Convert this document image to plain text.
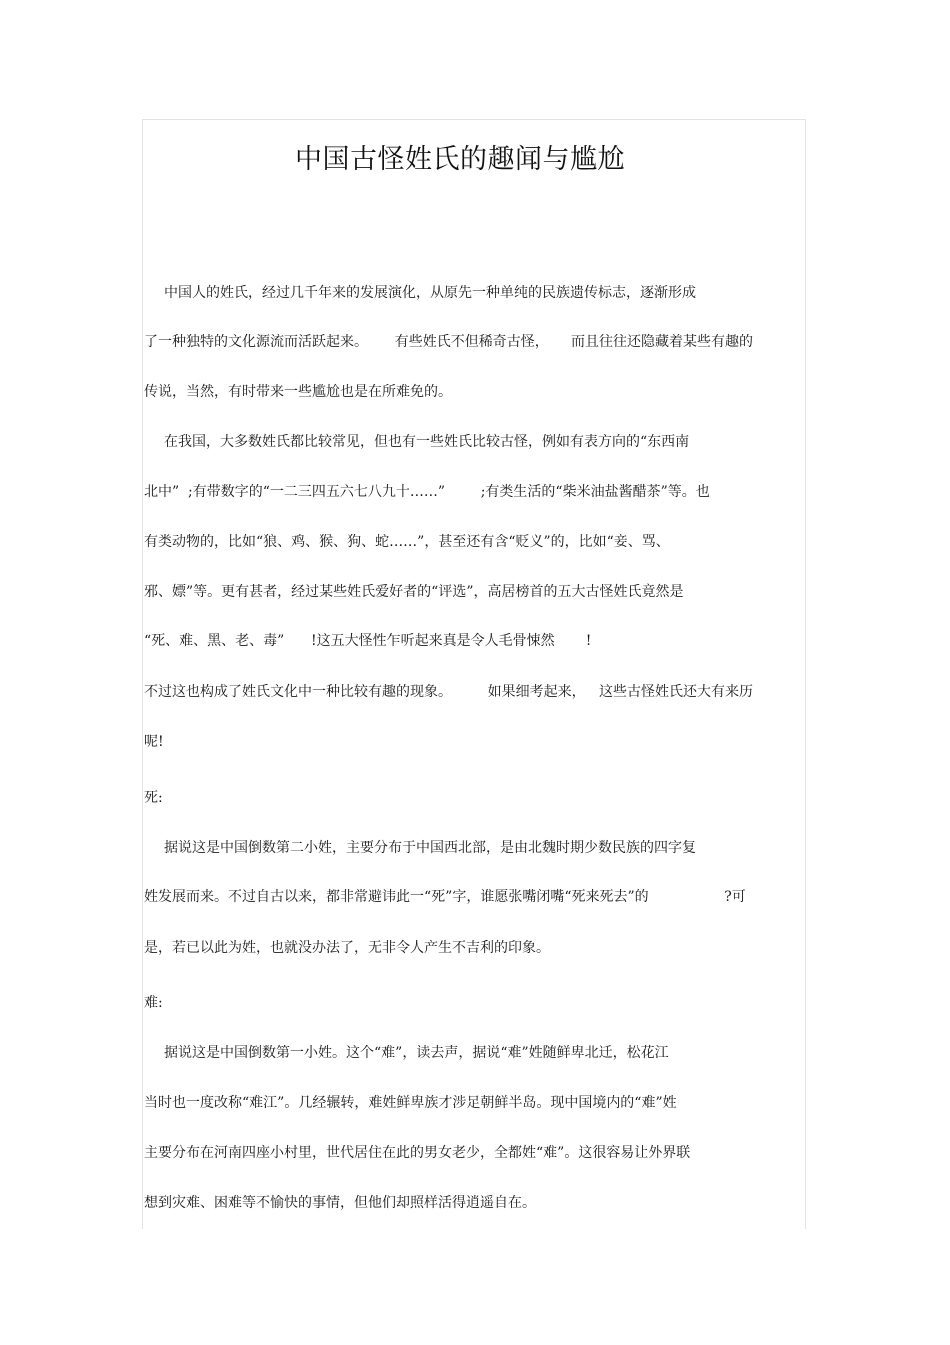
中国古怪姓氏的趣闻与尴尬
中国人的姓氏，经过几千年来的发展演化，从原先一种单纯的民族遗传标志，逐渐形成
了一种独特的文化源流而活跃起来。      有些姓氏不但稀奇古怪，     而且往往还隐藏着某些有趣的
传说，当然，有时带来一些尴尬也是在所难免的。
在我国，大多数姓氏都比较常见，但也有一些姓氏比较古怪，例如有表方向的“东西南
北中”  ;有带数字的“一二三四五六七八九十……”        ;有类生活的“柴米油盐酱醋茶”等。也
有类动物的，比如“狼、鸡、猴、狗、蛇……”，甚至还有含“贬义”的，比如“妾、骂、
邪、嫖”等。更有甚者，经过某些姓氏爱好者的“评选”，高居榜首的五大古怪姓氏竟然是
“死、难、黑、老、毒”      !这五大怪性乍听起来真是令人毛骨悚然       !
不过这也构成了姓氏文化中一种比较有趣的现象。        如果细考起来，   这些古怪姓氏还大有来历
呢!
死:
据说这是中国倒数第二小姓，主要分布于中国西北部，是由北魏时期少数民族的四字复
姓发展而来。不过自古以来，都非常避讳此一“死”字，谁愿张嘴闭嘴“死来死去”的                 ?可
是，若已以此为姓，也就没办法了，无非令人产生不吉利的印象。
难:
据说这是中国倒数第一小姓。这个“难”，读去声，据说“难”姓随鲜卑北迁，松花江
当时也一度改称“难江”。几经辗转，难姓鲜卑族才涉足朝鲜半岛。现中国境内的“难”姓
主要分布在河南四座小村里，世代居住在此的男女老少，全都姓“难”。这很容易让外界联
想到灾难、困难等不愉快的事情，但他们却照样活得逍遥自在。
